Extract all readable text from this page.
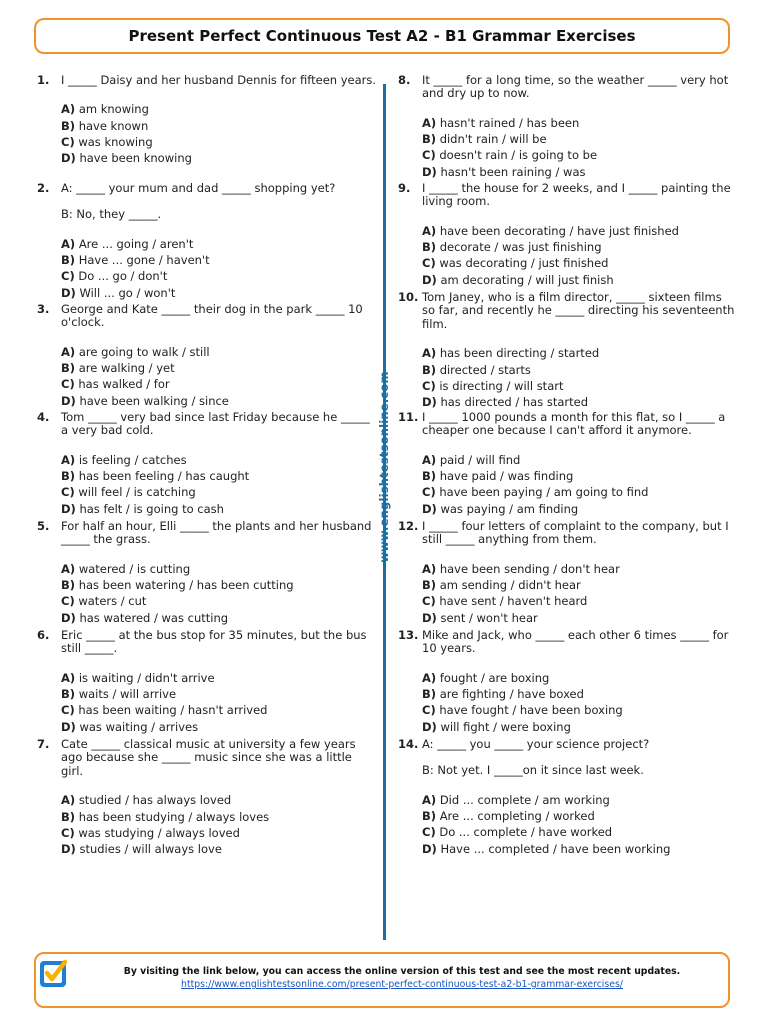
Present Perfect Continuous Test A2 - B1 Grammar Exercises
www.englishtestsonline.com
1. I _____ Daisy and her husband Dennis for fifteen years.
A) am knowing
B) have known
C) was knowing
D) have been knowing
2. A: _____ your mum and dad _____ shopping yet?
B: No, they _____.
A) Are ... going / aren't
B) Have ... gone / haven't
C) Do ... go / don't
D) Will ... go / won't
3. George and Kate _____ their dog in the park _____ 10 o'clock.
A) are going to walk / still
B) are walking / yet
C) has walked / for
D) have been walking / since
4. Tom _____ very bad since last Friday because he _____ a very bad cold.
A) is feeling / catches
B) has been feeling / has caught
C) will feel / is catching
D) has felt / is going to cash
5. For half an hour, Elli _____ the plants and her husband _____ the grass.
A) watered / is cutting
B) has been watering / has been cutting
C) waters / cut
D) has watered / was cutting
6. Eric _____ at the bus stop for 35 minutes, but the bus still _____.
A) is waiting / didn't arrive
B) waits / will arrive
C) has been waiting / hasn't arrived
D) was waiting / arrives
7. Cate _____ classical music at university a few years ago because she _____ music since she was a little girl.
A) studied / has always loved
B) has been studying / always loves
C) was studying / always loved
D) studies / will always love
8. It _____ for a long time, so the weather _____ very hot and dry up to now.
A) hasn't rained / has been
B) didn't rain / will be
C) doesn't rain / is going to be
D) hasn't been raining / was
9. I _____ the house for 2 weeks, and I _____ painting the living room.
A) have been decorating / have just finished
B) decorate / was just finishing
C) was decorating / just finished
D) am decorating / will just finish
10. Tom Janey, who is a film director, _____ sixteen films so far, and recently he _____ directing his seventeenth film.
A) has been directing / started
B) directed / starts
C) is directing / will start
D) has directed / has started
11. I _____ 1000 pounds a month for this flat, so I _____ a cheaper one because I can't afford it anymore.
A) paid / will find
B) have paid / was finding
C) have been paying / am going to find
D) was paying / am finding
12. I _____ four letters of complaint to the company, but I still _____ anything from them.
A) have been sending / don't hear
B) am sending / didn't hear
C) have sent / haven't heard
D) sent / won't hear
13. Mike and Jack, who _____ each other 6 times _____ for 10 years.
A) fought / are boxing
B) are fighting / have boxed
C) have fought / have been boxing
D) will fight / were boxing
14. A: _____ you _____ your science project?
B: Not yet. I _____on it since last week.
A) Did ... complete / am working
B) Are ... completing / worked
C) Do ... complete / have worked
D) Have ... completed / have been working
By visiting the link below, you can access the online version of this test and see the most recent updates.
https://www.englishtestsonline.com/present-perfect-continuous-test-a2-b1-grammar-exercises/
